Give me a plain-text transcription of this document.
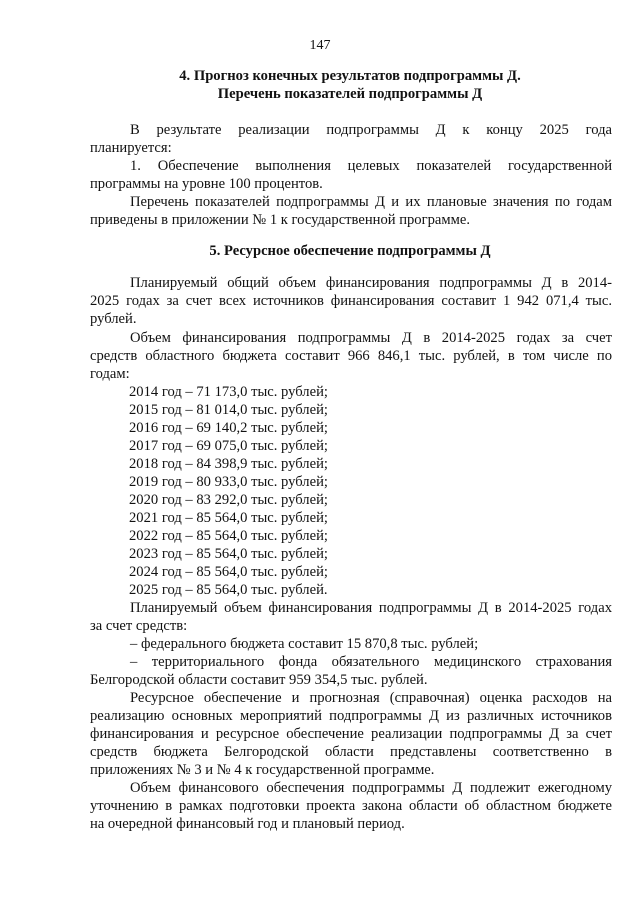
147
4. Прогноз конечных результатов подпрограммы Д.
Перечень показателей подпрограммы Д
В результате реализации подпрограммы Д к концу 2025 года
планируется:
1. Обеспечение выполнения целевых показателей государственной
программы на уровне 100 процентов.
Перечень показателей подпрограммы Д и их плановые значения по годам
приведены в приложении № 1 к государственной программе.
5. Ресурсное обеспечение подпрограммы Д
Планируемый общий объем финансирования подпрограммы Д в 2014-
2025 годах за счет всех источников финансирования составит 1 942 071,4 тыс.
рублей.
Объем финансирования подпрограммы Д в 2014-2025 годах за счет
средств областного бюджета составит 966 846,1 тыс. рублей, в том числе по
годам:
2014 год – 71 173,0 тыс. рублей;
2015 год – 81 014,0 тыс. рублей;
2016 год – 69 140,2 тыс. рублей;
2017 год – 69 075,0 тыс. рублей;
2018 год – 84 398,9 тыс. рублей;
2019 год – 80 933,0 тыс. рублей;
2020 год – 83 292,0 тыс. рублей;
2021 год – 85 564,0 тыс. рублей;
2022 год – 85 564,0 тыс. рублей;
2023 год – 85 564,0 тыс. рублей;
2024 год – 85 564,0 тыс. рублей;
2025 год – 85 564,0 тыс. рублей.
Планируемый объем финансирования подпрограммы Д в 2014-2025 годах
за счет средств:
– федерального бюджета составит 15 870,8 тыс. рублей;
– территориального фонда обязательного медицинского страхования
Белгородской области составит 959 354,5 тыс. рублей.
Ресурсное обеспечение и прогнозная (справочная) оценка расходов на
реализацию основных мероприятий подпрограммы Д из различных источников
финансирования и ресурсное обеспечение реализации подпрограммы Д за счет
средств бюджета Белгородской области представлены соответственно в
приложениях № 3 и № 4 к государственной программе.
Объем финансового обеспечения подпрограммы Д подлежит ежегодному
уточнению в рамках подготовки проекта закона области об областном бюджете
на очередной финансовый год и плановый период.
